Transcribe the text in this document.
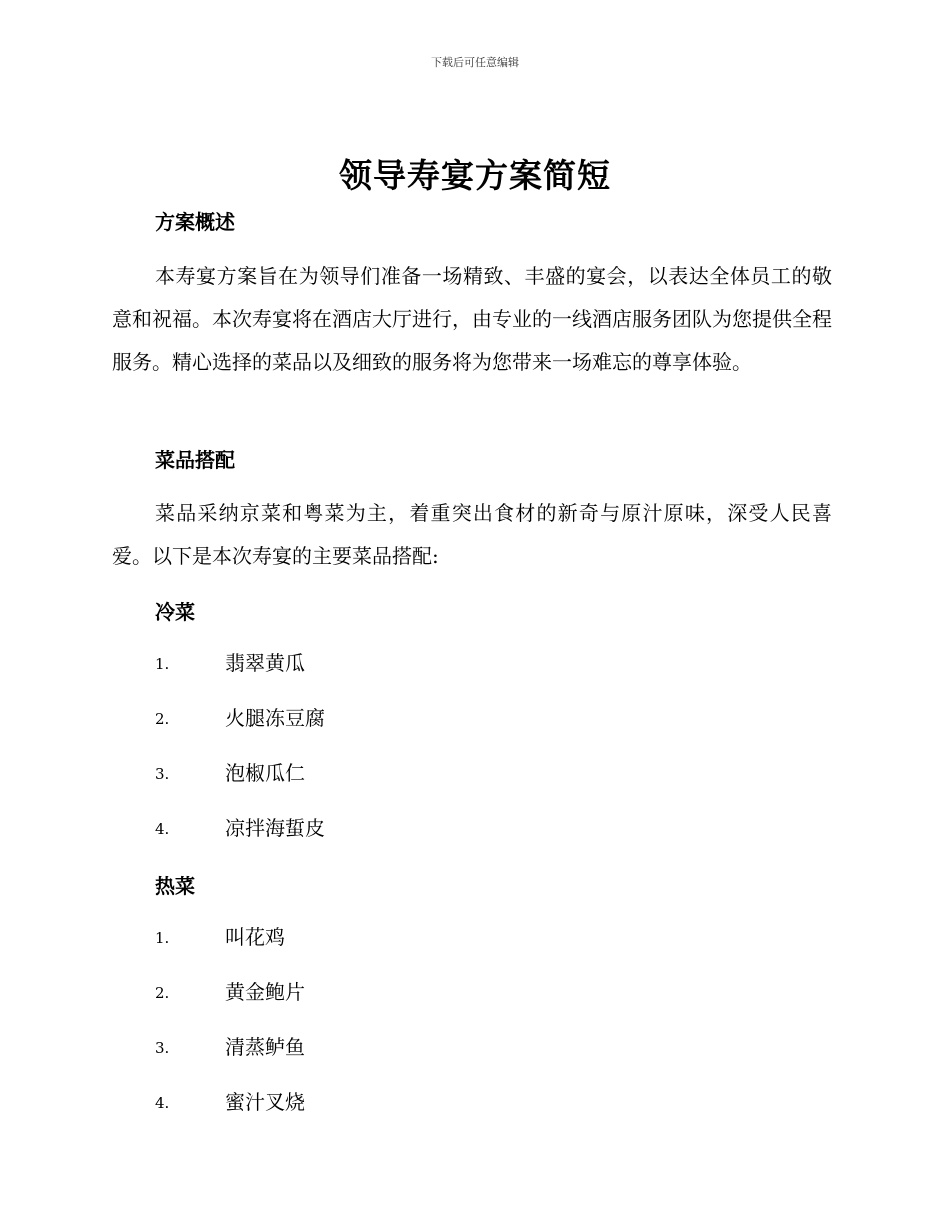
下载后可任意编辑
领导寿宴方案简短
方案概述
本寿宴方案旨在为领导们准备一场精致、丰盛的宴会，以表达全体员工的敬意和祝福。本次寿宴将在酒店大厅进行，由专业的一线酒店服务团队为您提供全程服务。精心选择的菜品以及细致的服务将为您带来一场难忘的尊享体验。
菜品搭配
菜品采纳京菜和粤菜为主，着重突出食材的新奇与原汁原味，深受人民喜爱。以下是本次寿宴的主要菜品搭配:
冷菜
1.	翡翠黄瓜
2.	火腿冻豆腐
3.	泡椒瓜仁
4.	凉拌海蜇皮
热菜
1.	叫花鸡
2.	黄金鲍片
3.	清蒸鲈鱼
4.	蜜汁叉烧
